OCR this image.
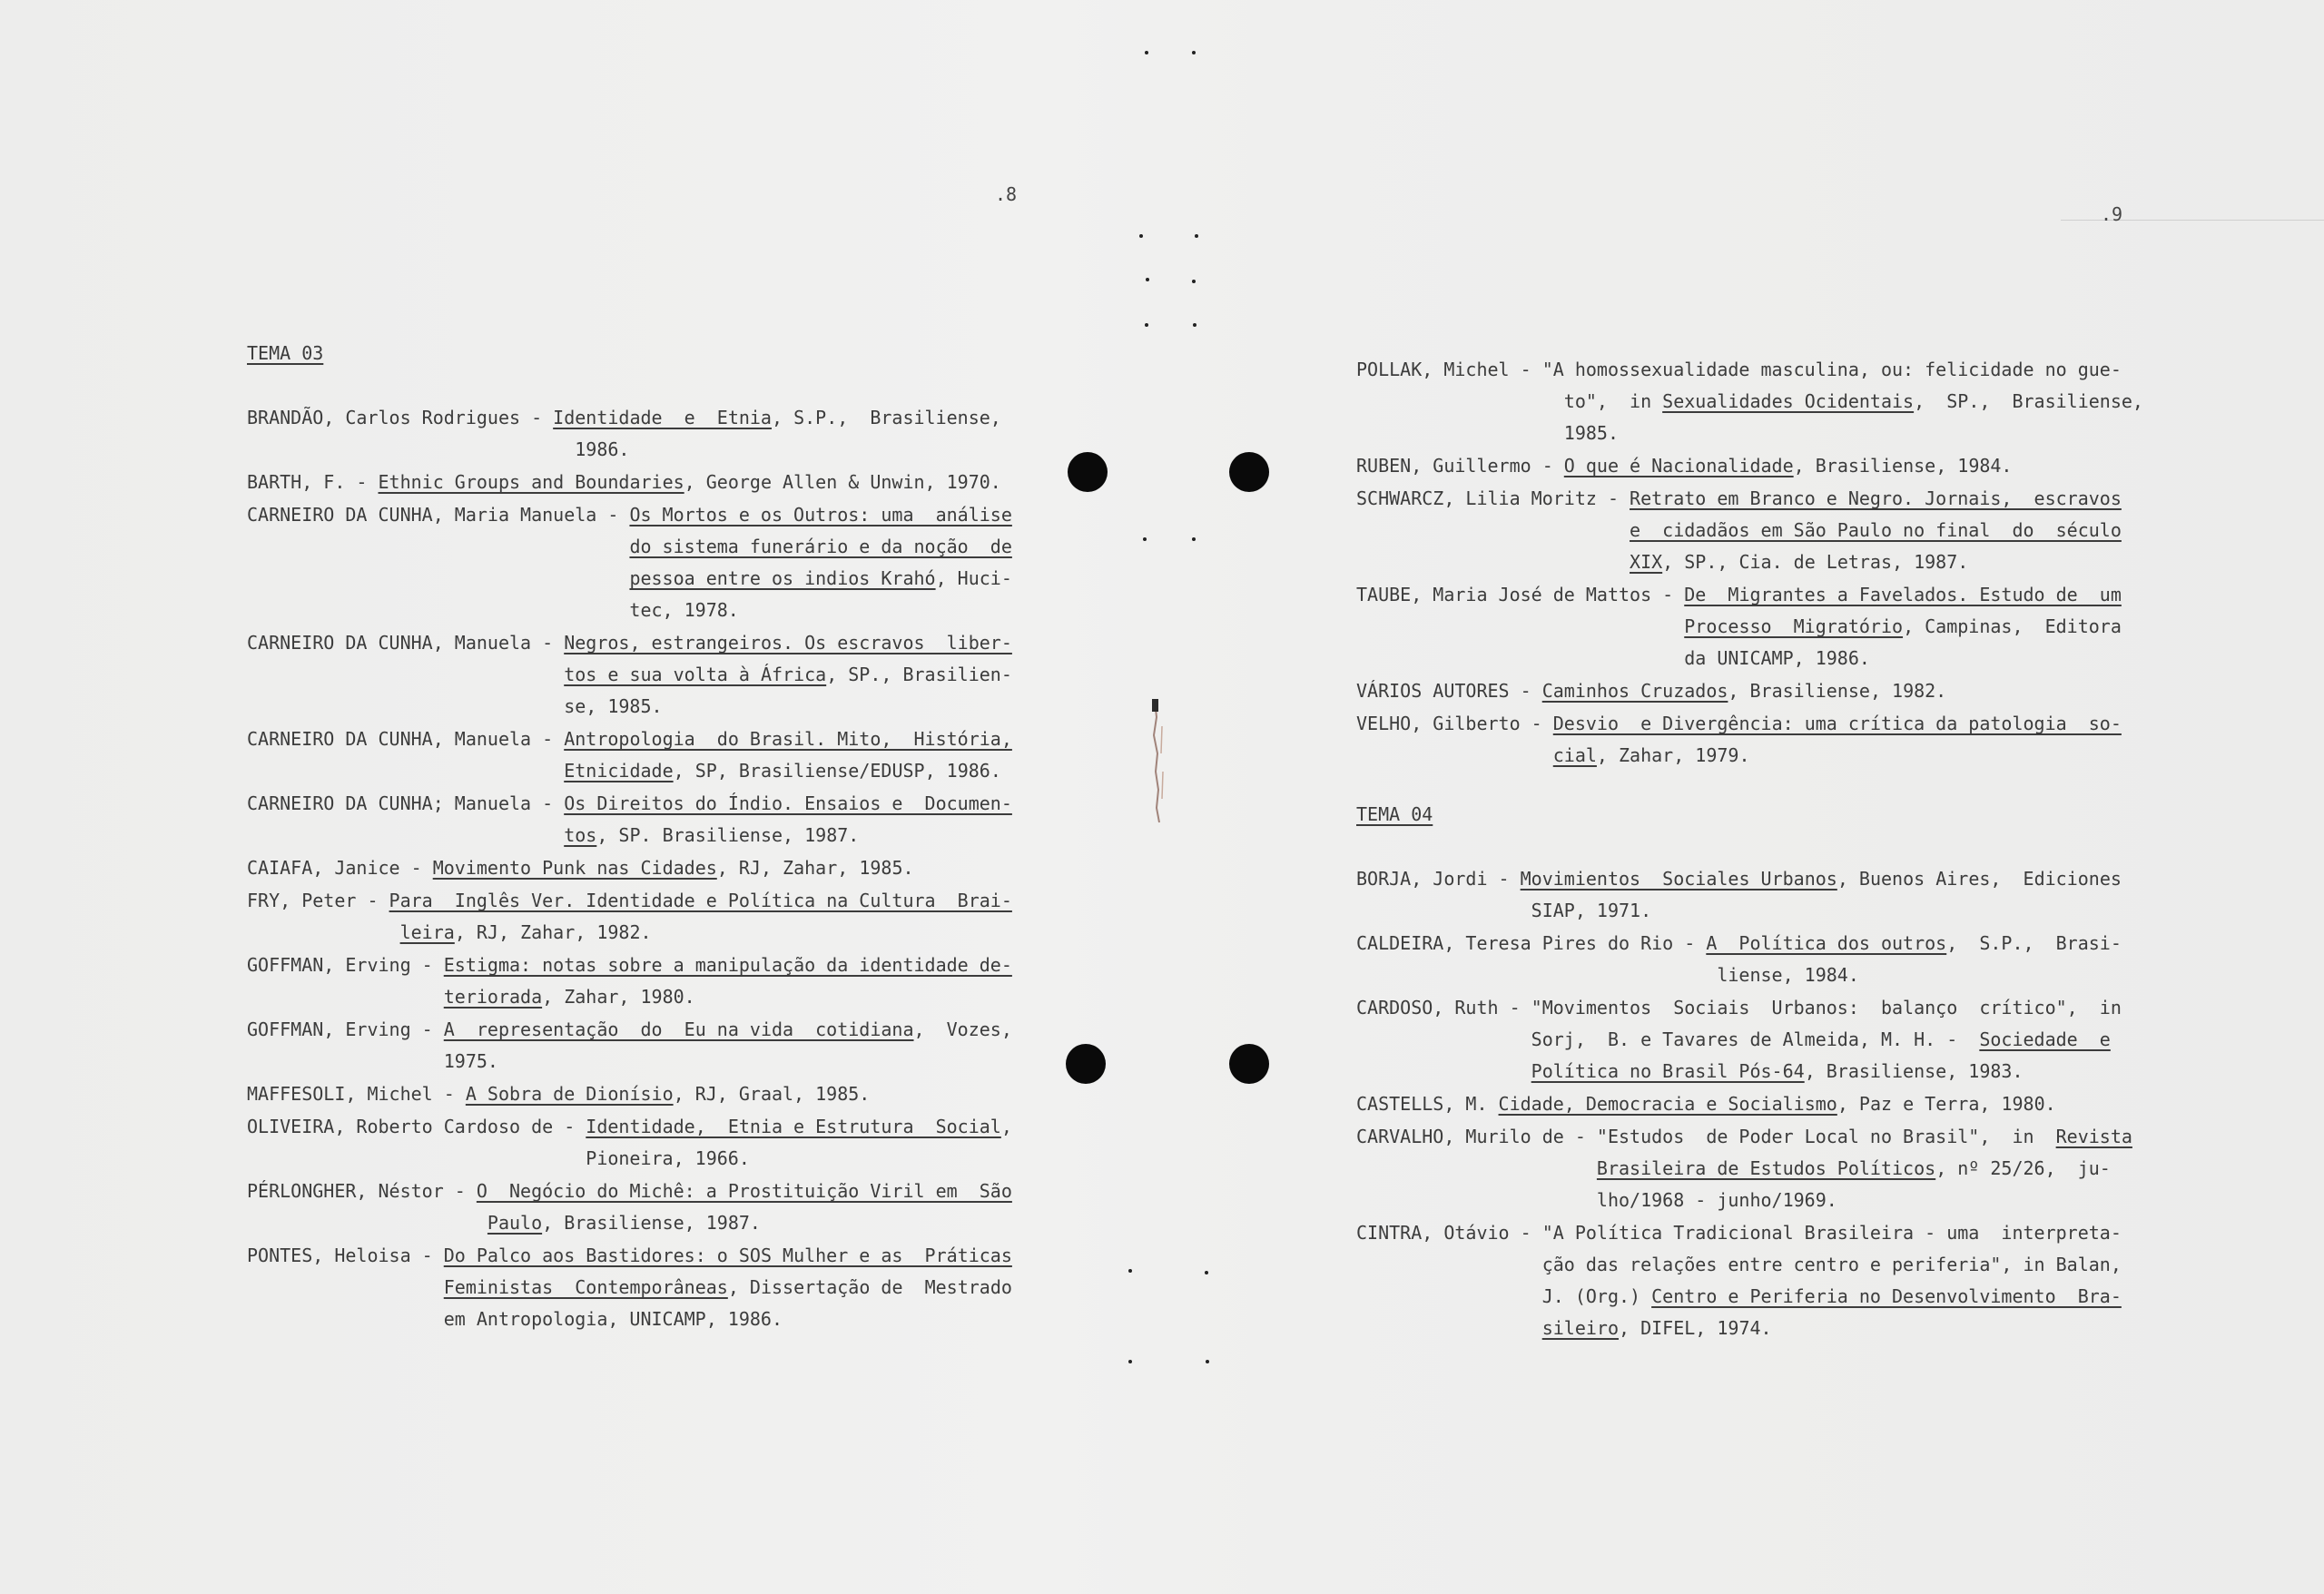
.8
.9
TEMA 03
BRANDÃO, Carlos Rodrigues - Identidade  e  Etnia, S.P.,  Brasiliense,
1986.
BARTH, F. - Ethnic Groups and Boundaries, George Allen & Unwin, 1970.
CARNEIRO DA CUNHA, Maria Manuela - Os Mortos e os Outros: uma  análise
do sistema funerário e da noção  de
pessoa entre os indios Krahó, Huci-
tec, 1978.
CARNEIRO DA CUNHA, Manuela - Negros, estrangeiros. Os escravos  liber-
tos e sua volta à África, SP., Brasilien-
se, 1985.
CARNEIRO DA CUNHA, Manuela - Antropologia  do Brasil. Mito,  História,
Etnicidade, SP, Brasiliense/EDUSP, 1986.
CARNEIRO DA CUNHA; Manuela - Os Direitos do Índio. Ensaios e  Documen-
tos, SP. Brasiliense, 1987.
CAIAFA, Janice - Movimento Punk nas Cidades, RJ, Zahar, 1985.
FRY, Peter - Para  Inglês Ver. Identidade e Política na Cultura  Brai-
leira, RJ, Zahar, 1982.
GOFFMAN, Erving - Estigma: notas sobre a manipulação da identidade de-
teriorada, Zahar, 1980.
GOFFMAN, Erving - A  representação  do  Eu na vida  cotidiana,  Vozes,
1975.
MAFFESOLI, Michel - A Sobra de Dionísio, RJ, Graal, 1985.
OLIVEIRA, Roberto Cardoso de - Identidade,  Etnia e Estrutura  Social,
Pioneira, 1966.
PÉRLONGHER, Néstor - O  Negócio do Michê: a Prostituição Viril em  São
Paulo, Brasiliense, 1987.
PONTES, Heloisa - Do Palco aos Bastidores: o SOS Mulher e as  Práticas
Feministas  Contemporâneas, Dissertação de  Mestrado
em Antropologia, UNICAMP, 1986.
POLLAK, Michel - "A homossexualidade masculina, ou: felicidade no gue-
to",  in Sexualidades Ocidentais,  SP.,  Brasiliense,
1985.
RUBEN, Guillermo - O que é Nacionalidade, Brasiliense, 1984.
SCHWARCZ, Lilia Moritz - Retrato em Branco e Negro. Jornais,  escravos
e  cidadãos em São Paulo no final  do  século
XIX, SP., Cia. de Letras, 1987.
TAUBE, Maria José de Mattos - De  Migrantes a Favelados. Estudo de  um
Processo  Migratório, Campinas,  Editora
da UNICAMP, 1986.
VÁRIOS AUTORES - Caminhos Cruzados, Brasiliense, 1982.
VELHO, Gilberto - Desvio  e Divergência: uma crítica da patologia  so-
cial, Zahar, 1979.
TEMA 04
BORJA, Jordi - Movimientos  Sociales Urbanos, Buenos Aires,  Ediciones
SIAP, 1971.
CALDEIRA, Teresa Pires do Rio - A  Política dos outros,  S.P.,  Brasi-
liense, 1984.
CARDOSO, Ruth - "Movimentos  Sociais  Urbanos:  balanço  crítico",  in
Sorj,  B. e Tavares de Almeida, M. H. -  Sociedade  e
Política no Brasil Pós-64, Brasiliense, 1983.
CASTELLS, M. Cidade, Democracia e Socialismo, Paz e Terra, 1980.
CARVALHO, Murilo de - "Estudos  de Poder Local no Brasil",  in  Revista
Brasileira de Estudos Políticos, nº 25/26,  ju-
lho/1968 - junho/1969.
CINTRA, Otávio - "A Política Tradicional Brasileira - uma  interpreta-
ção das relações entre centro e periferia", in Balan,
J. (Org.) Centro e Periferia no Desenvolvimento  Bra-
sileiro, DIFEL, 1974.
